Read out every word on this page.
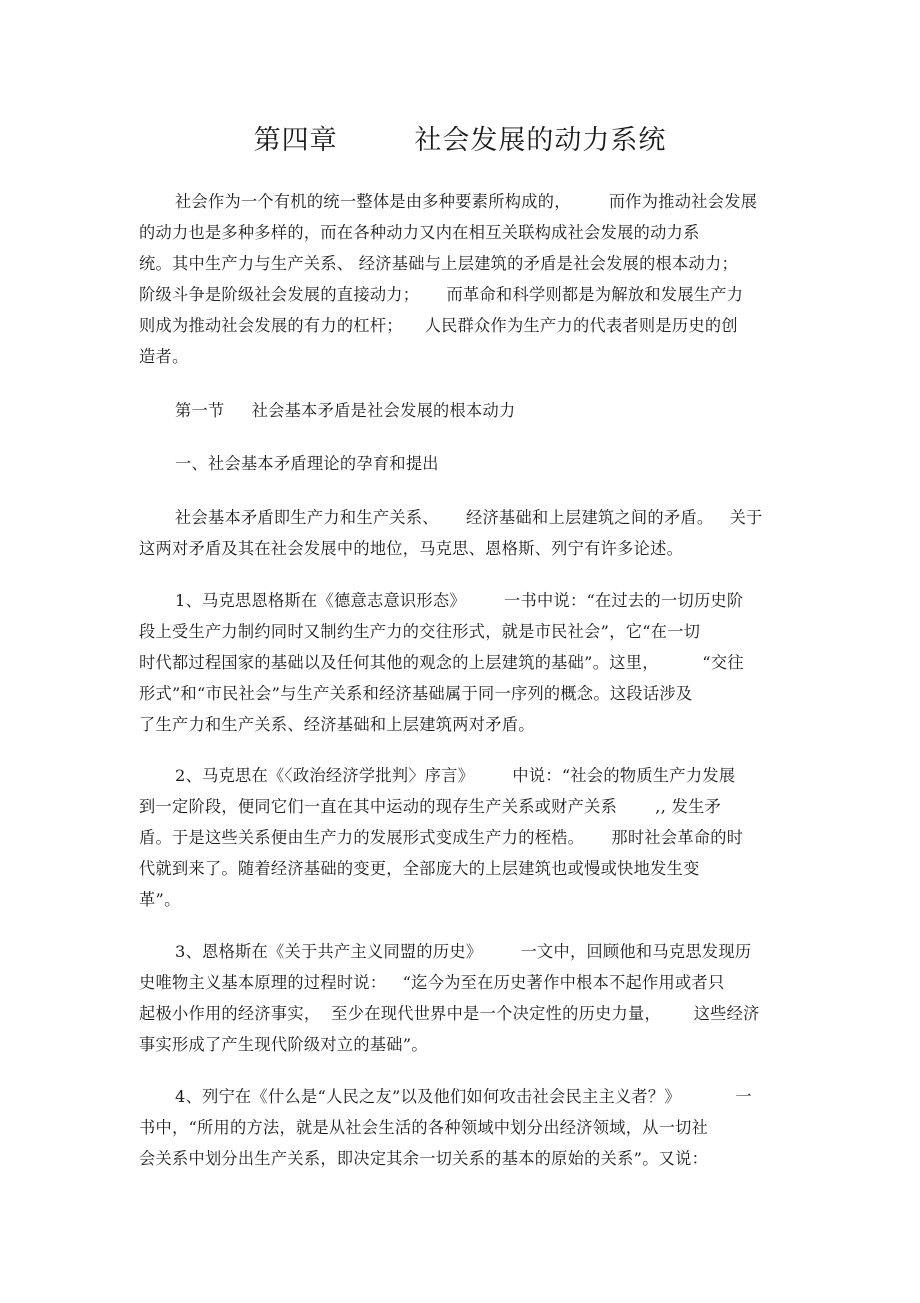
第四章        社会发展的动力系统
社会作为一个有机的统一整体是由多种要素所构成的，       而作为推动社会发展
的动力也是多种多样的，而在各种动力又内在相互关联构成社会发展的动力系
统。其中生产力与生产关系、 经济基础与上层建筑的矛盾是社会发展的根本动力；
阶级斗争是阶级社会发展的直接动力；     而革命和科学则都是为解放和发展生产力
则成为推动社会发展的有力的杠杆；    人民群众作为生产力的代表者则是历史的创
造者。
第一节     社会基本矛盾是社会发展的根本动力
一、社会基本矛盾理论的孕育和提出
社会基本矛盾即生产力和生产关系、     经济基础和上层建筑之间的矛盾。   关于
这两对矛盾及其在社会发展中的地位，马克思、恩格斯、列宁有许多论述。
1、马克思恩格斯在《德意志意识形态》       一书中说：“在过去的一切历史阶
段上受生产力制约同时又制约生产力的交往形式，就是市民社会”，它“在一切
时代都过程国家的基础以及任何其他的观念的上层建筑的基础”。这里，        “交往
形式”和“市民社会”与生产关系和经济基础属于同一序列的概念。这段话涉及
了生产力和生产关系、经济基础和上层建筑两对矛盾。
2、马克思在《〈政治经济学批判〉序言》       中说：“社会的物质生产力发展
到一定阶段，便同它们一直在其中运动的现存生产关系或财产关系       ,, 发生矛
盾。于是这些关系便由生产力的发展形式变成生产力的桎梏。     那时社会革命的时
代就到来了。随着经济基础的变更，全部庞大的上层建筑也或慢或快地发生变
革”。
3、恩格斯在《关于共产主义同盟的历史》       一文中，回顾他和马克思发现历
史唯物主义基本原理的过程时说：   “迄今为至在历史著作中根本不起作用或者只
起极小作用的经济事实，  至少在现代世界中是一个决定性的历史力量，      这些经济
事实形成了产生现代阶级对立的基础”。
4、列宁在《什么是“人民之友”以及他们如何攻击社会民主主义者？》          一
书中，“所用的方法，就是从社会生活的各种领域中划分出经济领域，从一切社
会关系中划分出生产关系，即决定其余一切关系的基本的原始的关系”。又说：
